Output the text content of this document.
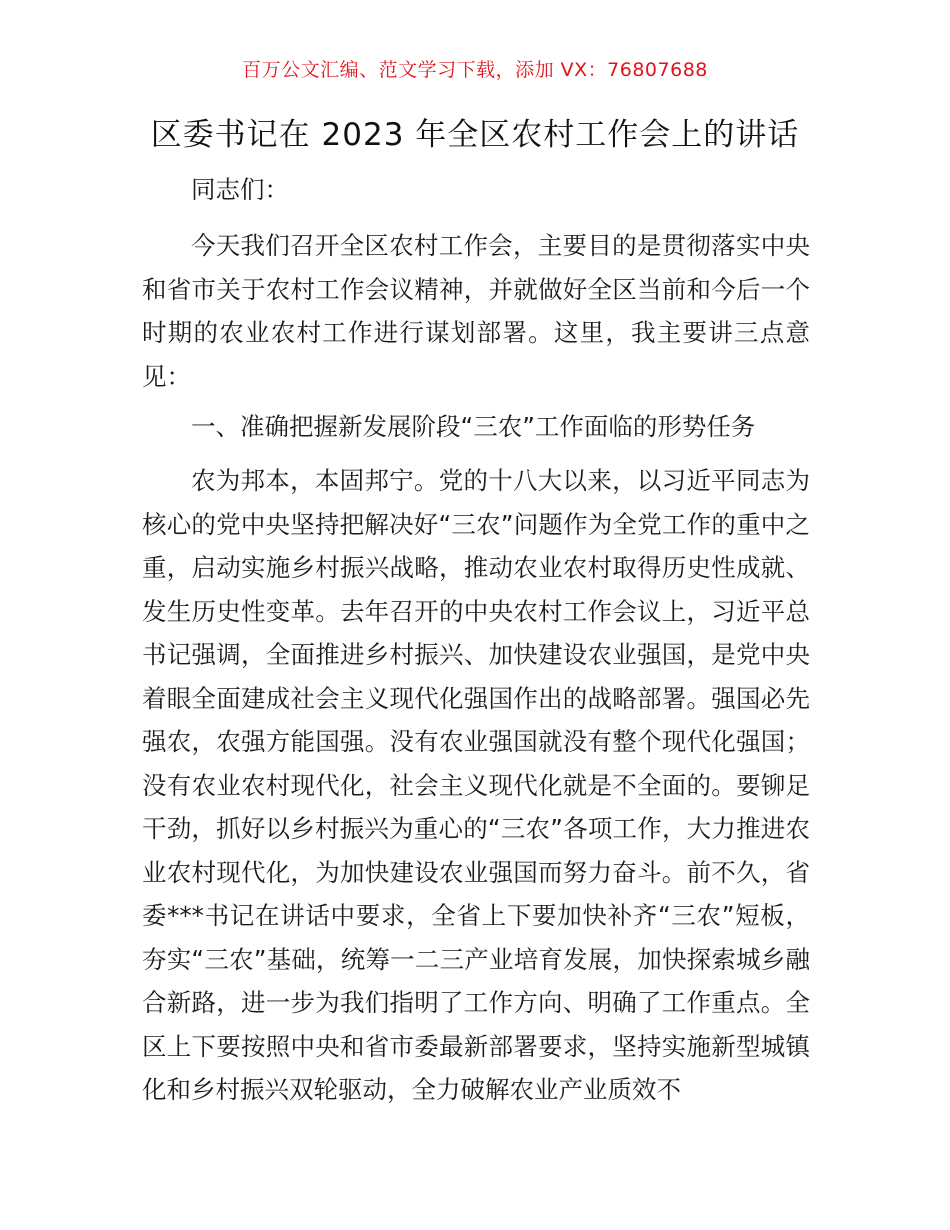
百万公文汇编、范文学习下载，添加 VX：76807688
区委书记在 2023 年全区农村工作会上的讲话

同志们：

今天我们召开全区农村工作会，主要目的是贯彻落实中央和省市关于农村工作会议精神，并就做好全区当前和今后一个时期的农业农村工作进行谋划部署。这里，我主要讲三点意见：

一、准确把握新发展阶段“三农”工作面临的形势任务

农为邦本，本固邦宁。党的十八大以来，以习近平同志为核心的党中央坚持把解决好“三农”问题作为全党工作的重中之重，启动实施乡村振兴战略，推动农业农村取得历史性成就、发生历史性变革。去年召开的中央农村工作会议上，习近平总书记强调，全面推进乡村振兴、加快建设农业强国，是党中央着眼全面建成社会主义现代化强国作出的战略部署。强国必先强农，农强方能国强。没有农业强国就没有整个现代化强国；没有农业农村现代化，社会主义现代化就是不全面的。要铆足干劲，抓好以乡村振兴为重心的“三农”各项工作，大力推进农业农村现代化，为加快建设农业强国而努力奋斗。前不久，省委***书记在讲话中要求，全省上下要加快补齐“三农”短板，夯实“三农”基础，统筹一二三产业培育发展，加快探索城乡融合新路，进一步为我们指明了工作方向、明确了工作重点。全区上下要按照中央和省市委最新部署要求，坚持实施新型城镇化和乡村振兴双轮驱动，全力破解农业产业质效不
